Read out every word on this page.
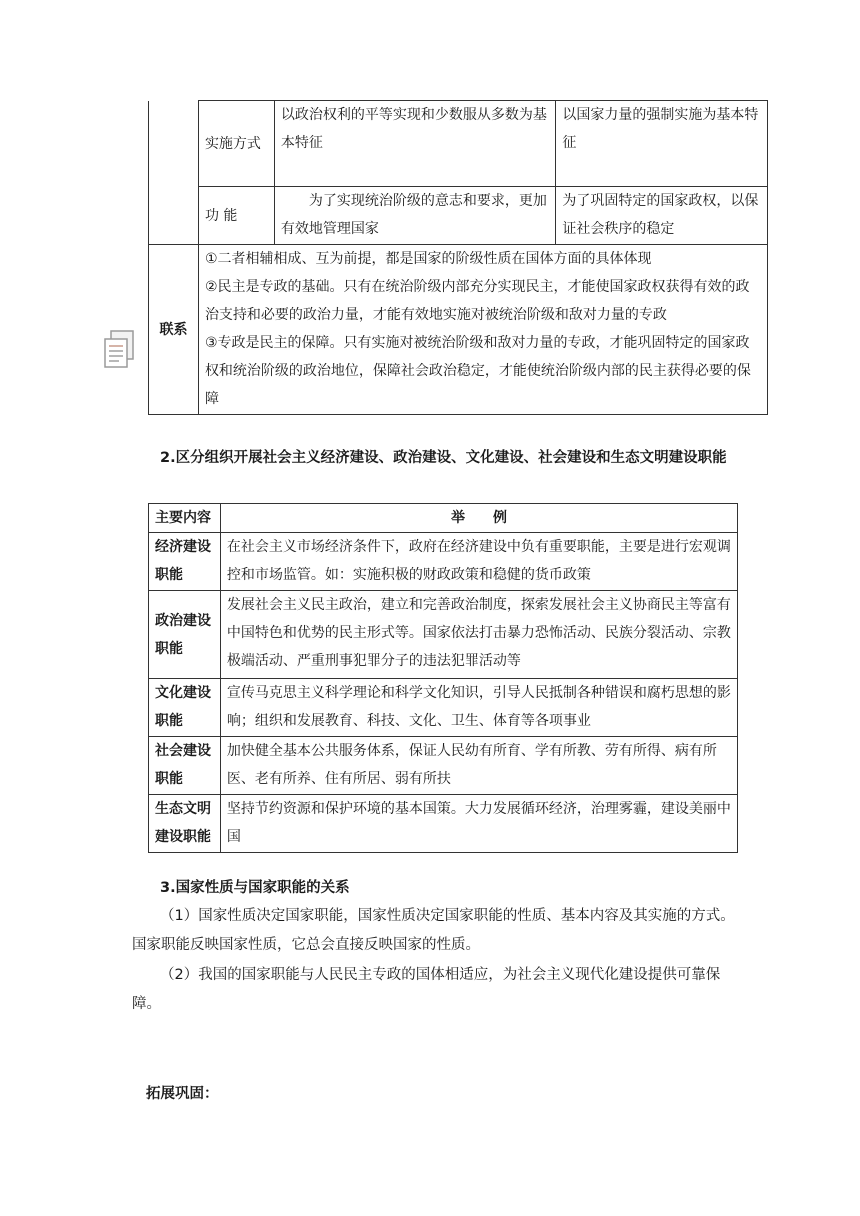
	实施方式	以政治权利的平等实现和少数服从多数为基本特征	以国家力量的强制实施为基本特征
	功 能	为了实现统治阶级的意志和要求，更加有效地管理国家	为了巩固特定的国家政权，以保证社会秩序的稳定
联系	①二者相辅相成、互为前提，都是国家的阶级性质在国体方面的具体体现
②民主是专政的基础。只有在统治阶级内部充分实现民主，才能使国家政权获得有效的政治支持和必要的政治力量，才能有效地实施对被统治阶级和敌对力量的专政
③专政是民主的保障。只有实施对被统治阶级和敌对力量的专政，才能巩固特定的国家政权和统治阶级的政治地位，保障社会政治稳定，才能使统治阶级内部的民主获得必要的保障		
2.区分组织开展社会主义经济建设、政治建设、文化建设、社会建设和生态文明建设职能
主要内容	举　　例
经济建设职能	在社会主义市场经济条件下，政府在经济建设中负有重要职能，主要是进行宏观调控和市场监管。如：实施积极的财政政策和稳健的货币政策
政治建设职能	发展社会主义民主政治，建立和完善政治制度，探索发展社会主义协商民主等富有中国特色和优势的民主形式等。国家依法打击暴力恐怖活动、民族分裂活动、宗教极端活动、严重刑事犯罪分子的违法犯罪活动等
文化建设职能	宣传马克思主义科学理论和科学文化知识，引导人民抵制各种错误和腐朽思想的影响；组织和发展教育、科技、文化、卫生、体育等各项事业
社会建设职能	加快健全基本公共服务体系，保证人民幼有所育、学有所教、劳有所得、病有所医、老有所养、住有所居、弱有所扶
生态文明建设职能	坚持节约资源和保护环境的基本国策。大力发展循环经济，治理雾霾，建设美丽中国
3.国家性质与国家职能的关系
（1）国家性质决定国家职能，国家性质决定国家职能的性质、基本内容及其实施的方式。国家职能反映国家性质，它总会直接反映国家的性质。
（2）我国的国家职能与人民民主专政的国体相适应，为社会主义现代化建设提供可靠保障。
拓展巩固：
